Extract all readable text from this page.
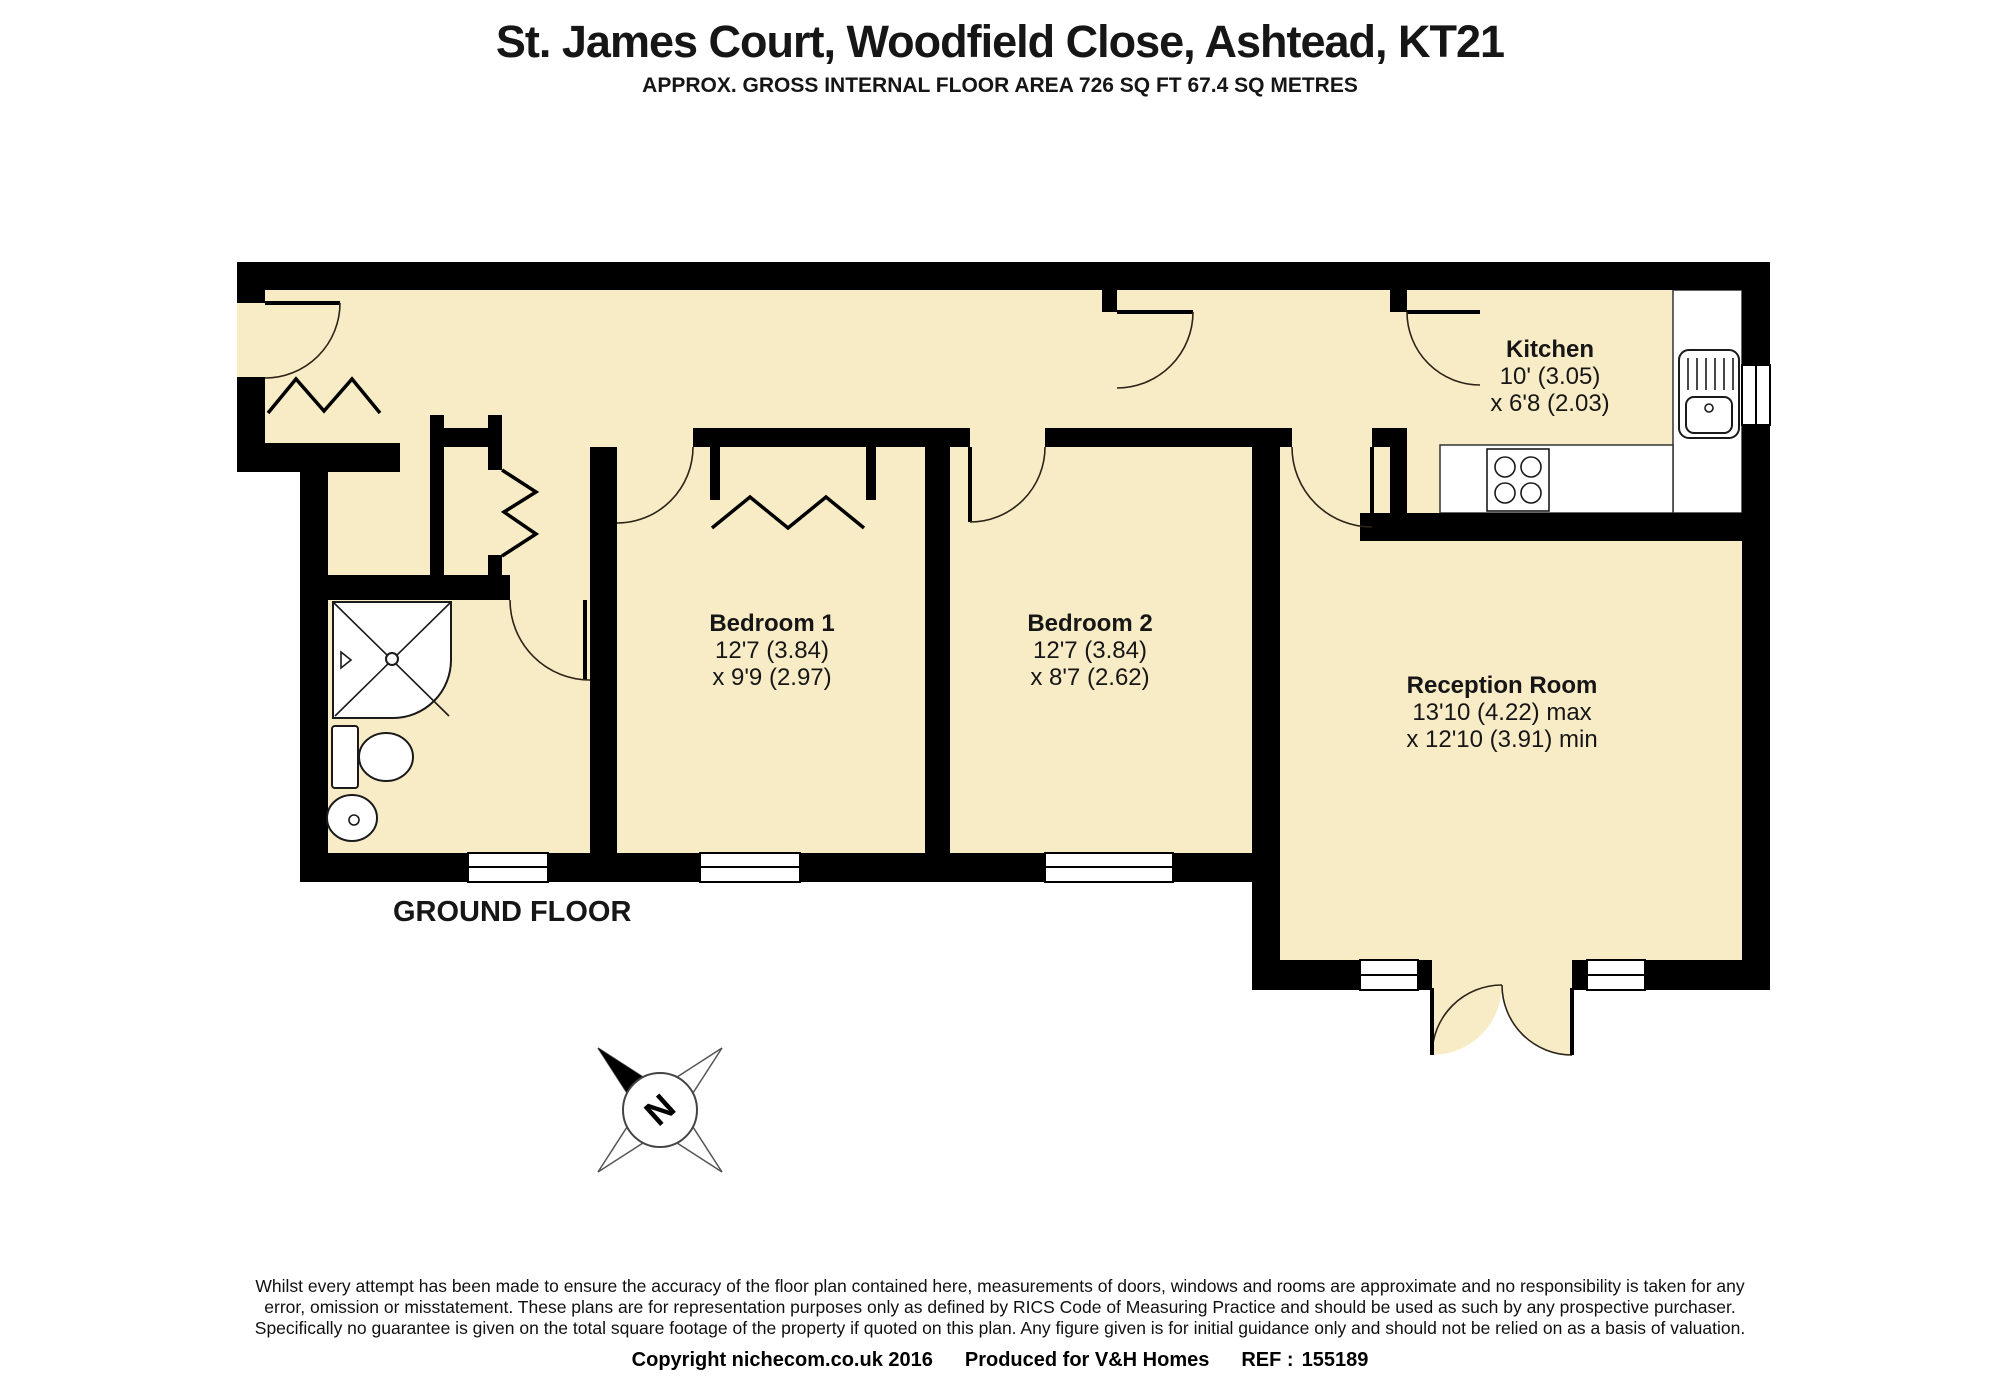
St. James Court, Woodfield Close, Ashtead, KT21
APPROX. GROSS INTERNAL FLOOR AREA 726 SQ FT 67.4 SQ METRES
Kitchen
10' (3.05)
x 6'8 (2.03)
Bedroom 1
12'7 (3.84)
x 9'9 (2.97)
Bedroom 2
12'7 (3.84)
x 8'7 (2.62)	Reception Room
13'10 (4.22) max
x 12'10 (3.91) min
GROUND FLOOR
N
Whilst every attempt has been made to ensure the accuracy of the floor plan contained here, measurements of doors, windows and rooms are approximate and no responsibility is taken for any
error, omission or misstatement. These plans are for representation purposes only as defined by RICS Code of Measuring Practice and should be used as such by any prospective purchaser.
Specifically no guarantee is given on the total square footage of the property if quoted on this plan. Any figure given is for initial guidance only and should not be relied on as a basis of valuation.
Copyright nichecom.co.uk 2016 Produced for V&H Homes REF : 155189
